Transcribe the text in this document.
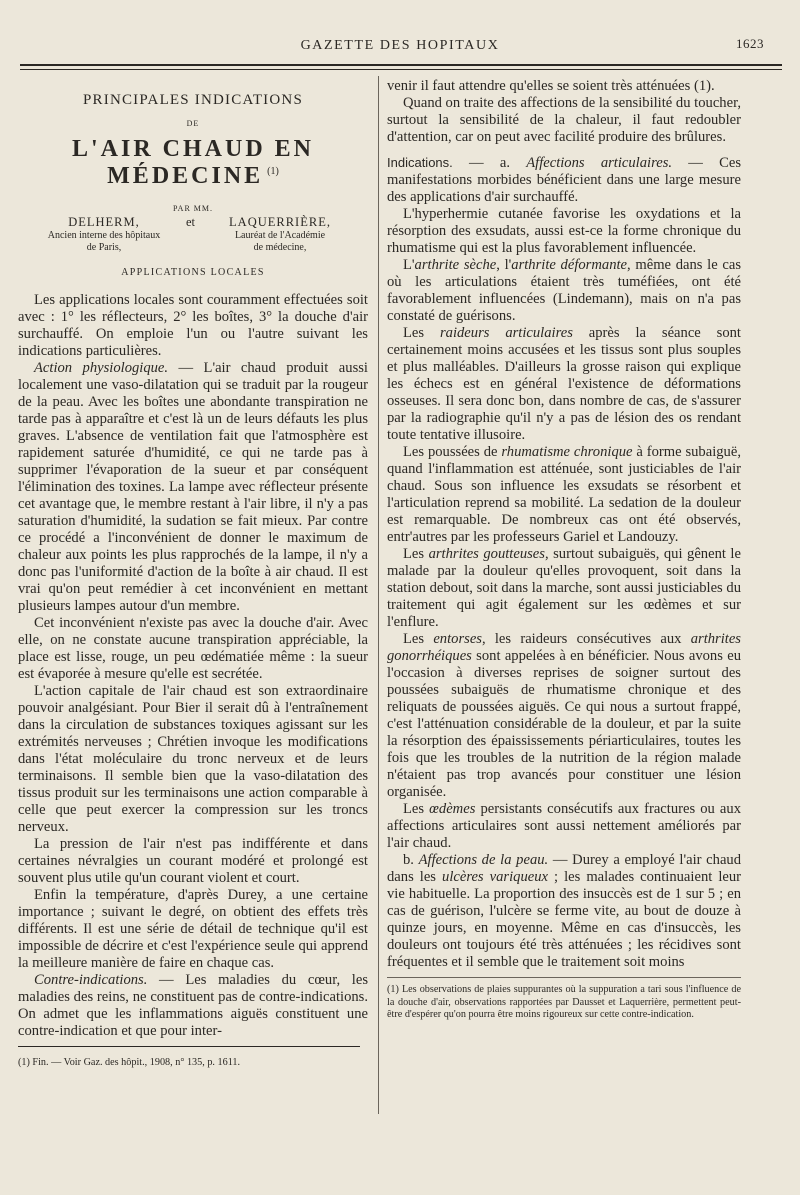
GAZETTE DES HOPITAUX	1623
PRINCIPALES INDICATIONS
DE
L'AIR CHAUD EN MÉDECINE $^{(1)}$
PAR MM.
DELHERM,
Ancien interne des hôpitaux
de Paris,
et	LAQUERRIÈRE,
Lauréat de l'Académie
de médecine,
APPLICATIONS LOCALES

Les applications locales sont couramment effectuées soit avec : 1° les réflecteurs, 2° les boîtes, 3° la douche d'air surchauffé. On emploie l'un ou l'autre suivant les indications particulières.

Action physiologique. — L'air chaud produit aussi localement une vaso-dilatation qui se traduit par la rougeur de la peau. Avec les boîtes une abondante transpiration ne tarde pas à apparaître et c'est là un de leurs défauts les plus graves. L'absence de ventilation fait que l'atmosphère est rapidement saturée d'humidité, ce qui ne tarde pas à supprimer l'évaporation de la sueur et par conséquent l'élimination des toxines. La lampe avec réflecteur présente cet avantage que, le membre restant à l'air libre, il n'y a pas saturation d'humidité, la sudation se fait mieux. Par contre ce procédé a l'inconvénient de donner le maximum de chaleur aux points les plus rapprochés de la lampe, il n'y a donc pas l'uniformité d'action de la boîte à air chaud. Il est vrai qu'on peut remédier à cet inconvénient en mettant plusieurs lampes autour d'un membre.

Cet inconvénient n'existe pas avec la douche d'air. Avec elle, on ne constate aucune transpiration appréciable, la place est lisse, rouge, un peu œdématiée même : la sueur est évaporée à mesure qu'elle est secrétée.

L'action capitale de l'air chaud est son extraordinaire pouvoir analgésiant. Pour Bier il serait dû à l'entraînement dans la circulation de substances toxiques agissant sur les extrémités nerveuses ; Chrétien invoque les modifications dans l'état moléculaire du tronc nerveux et de leurs terminaisons. Il semble bien que la vaso-dilatation des tissus produit sur les terminaisons une action comparable à celle que peut exercer la compression sur les troncs nerveux.

La pression de l'air n'est pas indifférente et dans certaines névralgies un courant modéré et prolongé est souvent plus utile qu'un courant violent et court.

Enfin la température, d'après Durey, a une certaine importance ; suivant le degré, on obtient des effets très différents. Il est une série de détail de technique qu'il est impossible de décrire et c'est l'expérience seule qui apprend la meilleure manière de faire en chaque cas.

Contre-indications. — Les maladies du cœur, les maladies des reins, ne constituent pas de contre-indications. On admet que les inflammations aiguës constituent une contre-indication et que pour inter-

(1) Fin. — Voir Gaz. des hôpit., 1908, n° 135, p. 1611.

venir il faut attendre qu'elles se soient très atténuées (1).

Quand on traite des affections de la sensibilité du toucher, surtout la sensibilité de la chaleur, il faut redoubler d'attention, car on peut avec facilité produire des brûlures.

Indications. — a. Affections articulaires. — Ces manifestations morbides bénéficient dans une large mesure des applications d'air surchauffé.

L'hyperhermie cutanée favorise les oxydations et la résorption des exsudats, aussi est-ce la forme chronique du rhumatisme qui est la plus favorablement influencée.

L'arthrite sèche, l'arthrite déformante, même dans le cas où les articulations étaient très tuméfiées, ont été favorablement influencées (Lindemann), mais on n'a pas constaté de guérisons.

Les raideurs articulaires après la séance sont certainement moins accusées et les tissus sont plus souples et plus malléables. D'ailleurs la grosse raison qui explique les échecs est en général l'existence de déformations osseuses. Il sera donc bon, dans nombre de cas, de s'assurer par la radiographie qu'il n'y a pas de lésion des os rendant toute tentative illusoire.

Les poussées de rhumatisme chronique à forme subaiguë, quand l'inflammation est atténuée, sont justiciables de l'air chaud. Sous son influence les exsudats se résorbent et l'articulation reprend sa mobilité. La sedation de la douleur est remarquable. De nombreux cas ont été observés, entr'autres par les professeurs Gariel et Landouzy.

Les arthrites goutteuses, surtout subaiguës, qui gênent le malade par la douleur qu'elles provoquent, soit dans la station debout, soit dans la marche, sont aussi justiciables du traitement qui agit également sur les œdèmes et sur l'enflure.

Les entorses, les raideurs consécutives aux arthrites gonorrhéiques sont appelées à en bénéficier. Nous avons eu l'occasion à diverses reprises de soigner surtout des poussées subaiguës de rhumatisme chronique et des reliquats de poussées aiguës. Ce qui nous a surtout frappé, c'est l'atténuation considérable de la douleur, et par la suite la résorption des épaississements périarticulaires, toutes les fois que les troubles de la nutrition de la région malade n'étaient pas trop avancés pour constituer une lésion organisée.

Les œdèmes persistants consécutifs aux fractures ou aux affections articulaires sont aussi nettement améliorés par l'air chaud.

b. Affections de la peau. — Durey a employé l'air chaud dans les ulcères variqueux ; les malades continuaient leur vie habituelle. La proportion des insuccès est de 1 sur 5 ; en cas de guérison, l'ulcère se ferme vite, au bout de douze à quinze jours, en moyenne. Même en cas d'insuccès, les douleurs ont toujours été très atténuées ; les récidives sont fréquentes et il semble que le traitement soit moins

(1) Les observations de plaies suppurantes où la suppuration a tari sous l'influence de la douche d'air, observations rapportées par Dausset et Laquerrière, permettent peut-être d'espérer qu'on pourra être moins rigoureux sur cette contre-indication.
